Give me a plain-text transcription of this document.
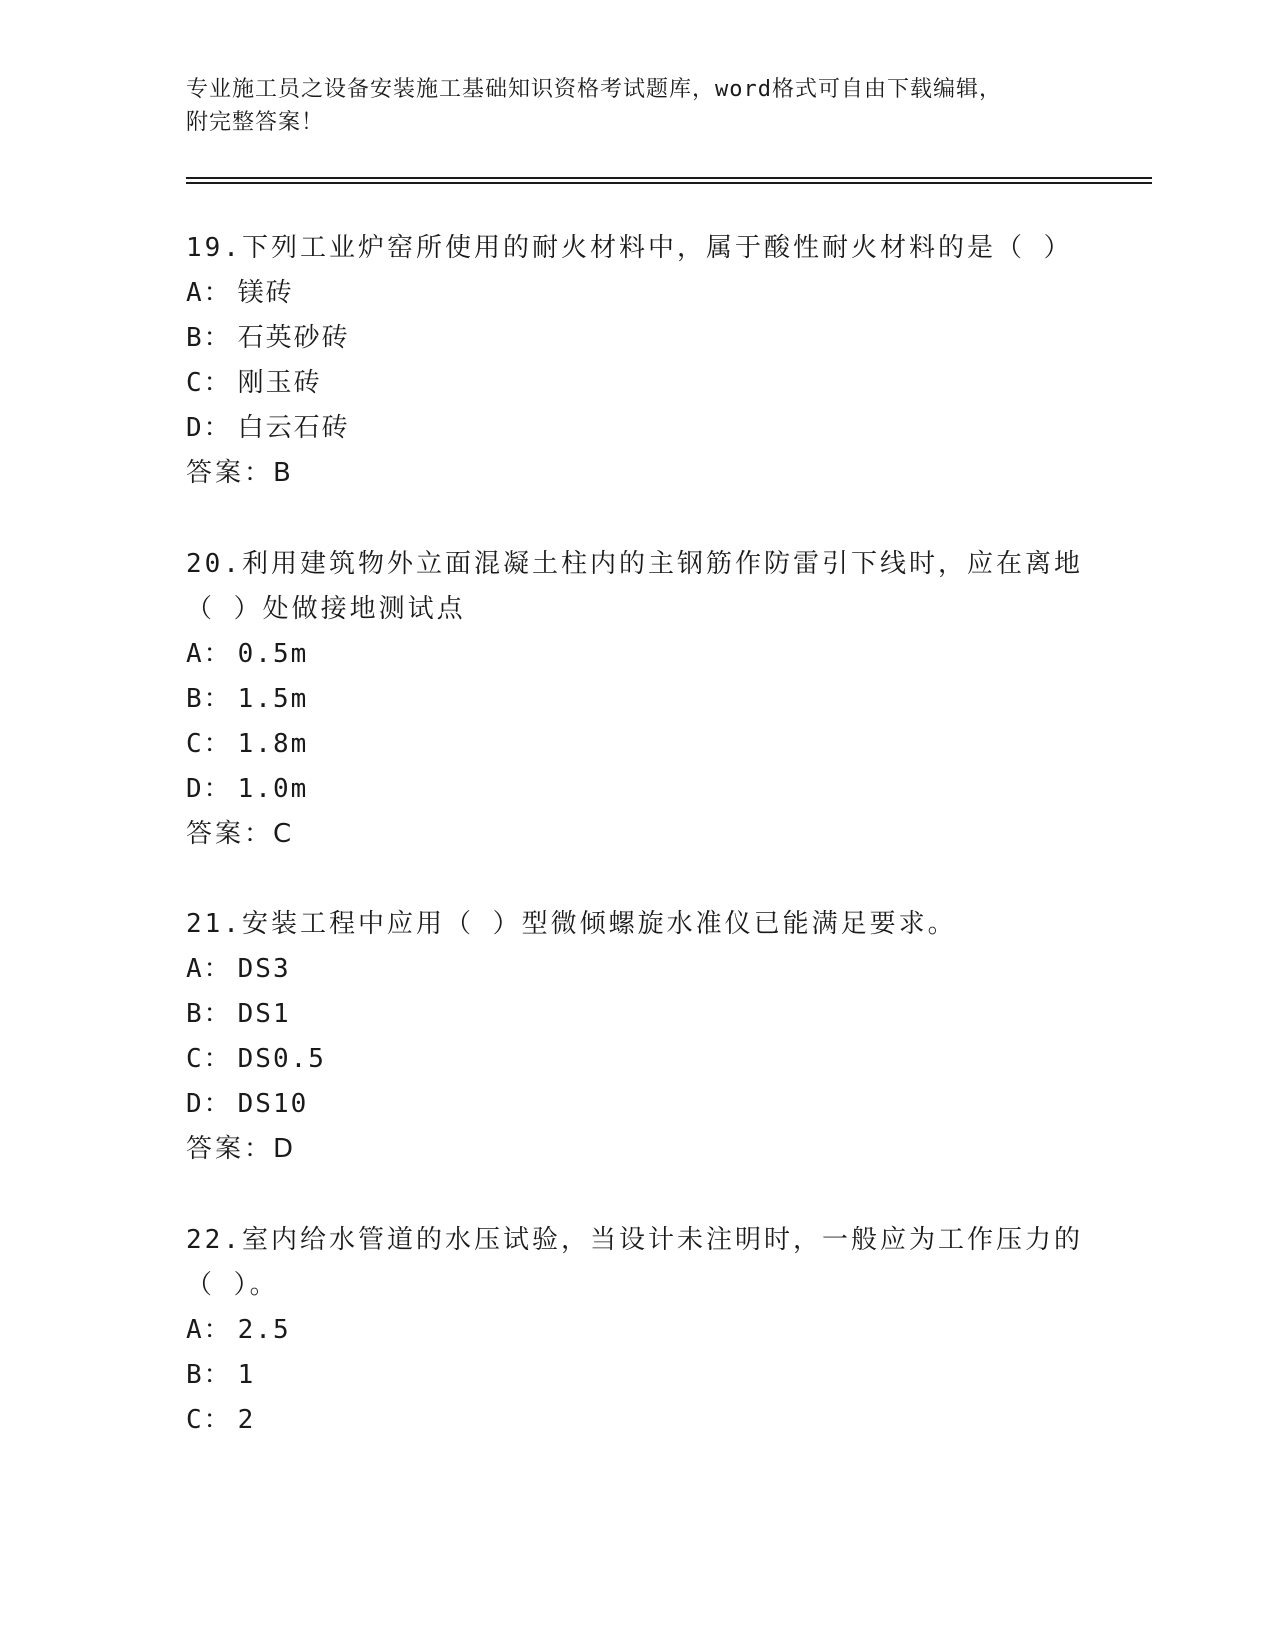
专业施工员之设备安装施工基础知识资格考试题库，word格式可自由下载编辑，
附完整答案！

19.下列工业炉窑所使用的耐火材料中，属于酸性耐火材料的是（ ）

A： 镁砖

B： 石英砂砖

C： 刚玉砖

D： 白云石砖

答案：B

20.利用建筑物外立面混凝土柱内的主钢筋作防雷引下线时，应在离地

（ ）处做接地测试点

A： 0.5m

B： 1.5m

C： 1.8m

D： 1.0m

答案：C

21.安装工程中应用（ ）型微倾螺旋水准仪已能满足要求。

A： DS3

B： DS1

C： DS0.5

D： DS10

答案：D

22.室内给水管道的水压试验，当设计未注明时，一般应为工作压力的

（ ）。

A： 2.5

B： 1

C： 2
